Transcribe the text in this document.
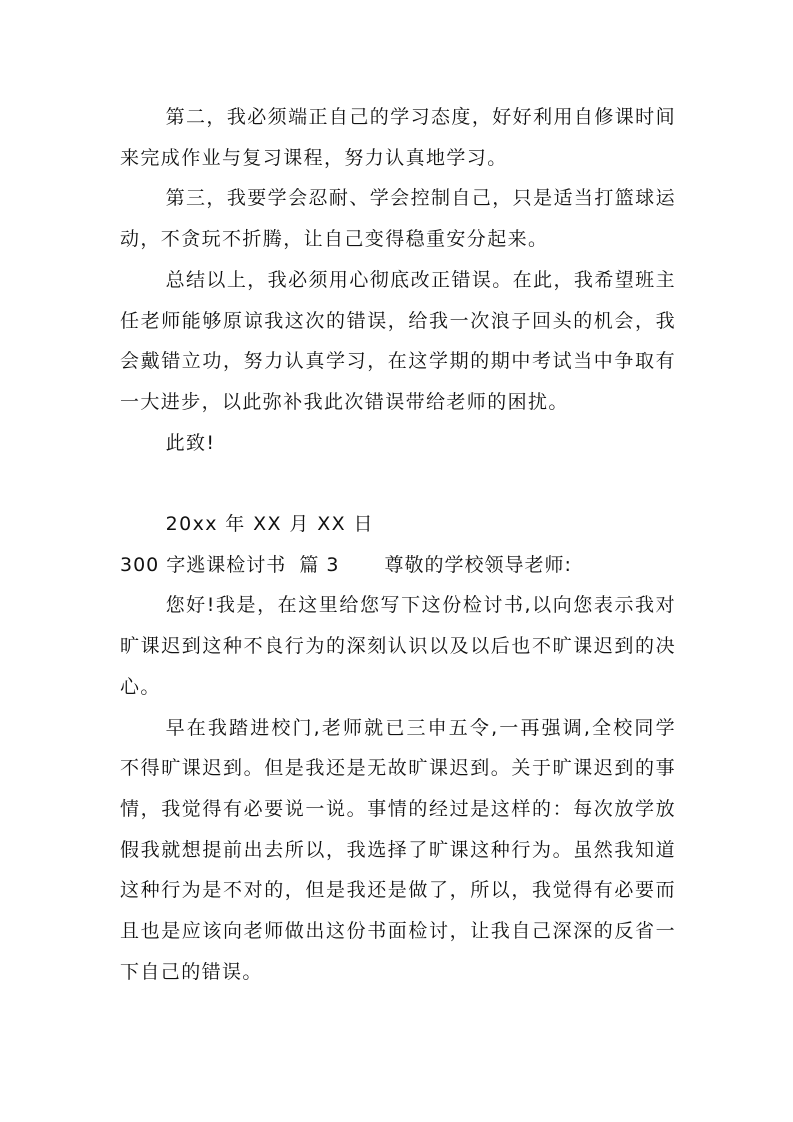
第二，我必须端正自己的学习态度，好好利用自修课时间来完成作业与复习课程，努力认真地学习。

第三，我要学会忍耐、学会控制自己，只是适当打篮球运动，不贪玩不折腾，让自己变得稳重安分起来。

总结以上，我必须用心彻底改正错误。在此，我希望班主任老师能够原谅我这次的错误，给我一次浪子回头的机会，我会戴错立功，努力认真学习，在这学期的期中考试当中争取有一大进步，以此弥补我此次错误带给老师的困扰。

此致!

20xx 年 XX 月 XX 日

300 字逃课检讨书 篇 3 尊敬的学校领导老师:

您好!我是，在这里给您写下这份检讨书,以向您表示我对旷课迟到这种不良行为的深刻认识以及以后也不旷课迟到的决心。

早在我踏进校门,老师就已三申五令,一再强调,全校同学不得旷课迟到。但是我还是无故旷课迟到。关于旷课迟到的事情，我觉得有必要说一说。事情的经过是这样的：每次放学放假我就想提前出去所以，我选择了旷课这种行为。虽然我知道这种行为是不对的，但是我还是做了，所以，我觉得有必要而且也是应该向老师做出这份书面检讨，让我自己深深的反省一下自己的错误。
